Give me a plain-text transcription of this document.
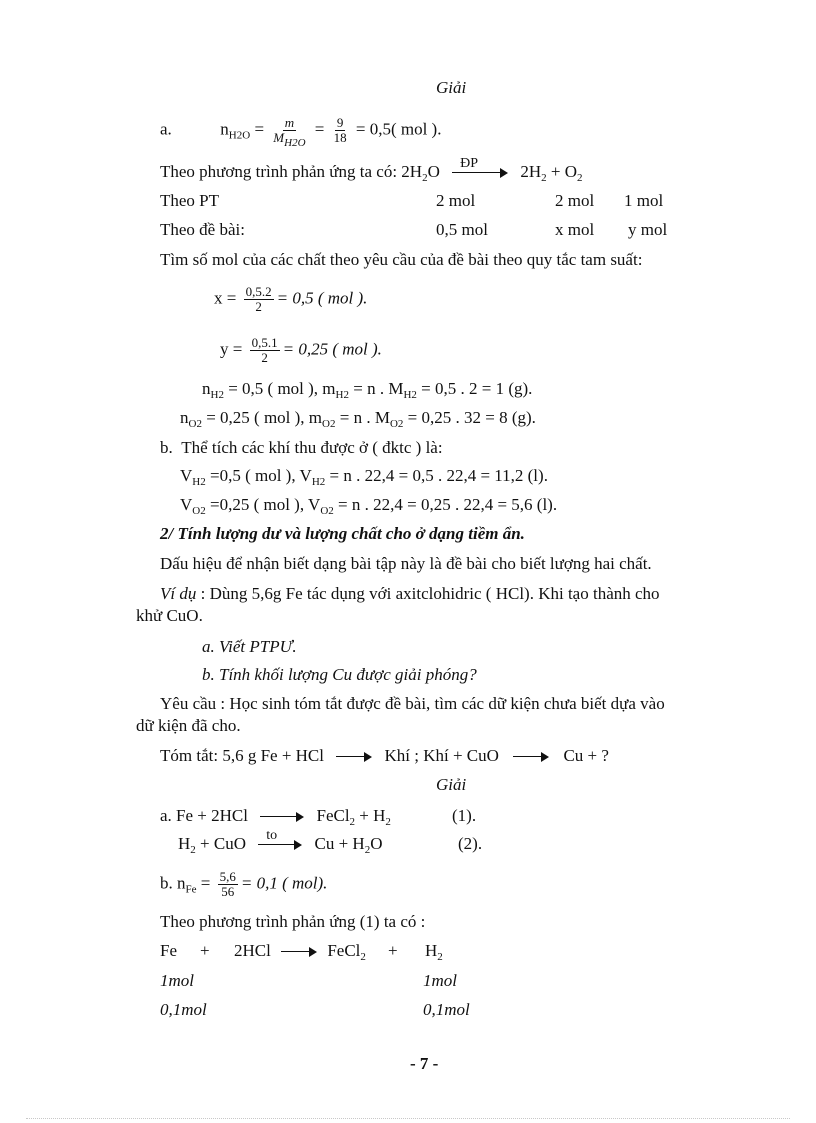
Giải
a.	$n_{H2O} = \frac{m}{M_{H2O}} = \frac{9}{18} = 0,5$( mol ).
Theo phương trình phản ứng ta có: $2H_2O$ ĐP $2H_2 + O_2$
Theo PT	2 mol	2 mol 1 mol
Theo đề bài:	0,5 mol	x mol y mol
Tìm số mol của các chất theo yêu cầu của đề bài theo quy tắc tam suất:
$x = \frac{0,5.2}{2} = 0,5$ ( mol ).
$y = \frac{0,5.1}{2} = 0,25$ ( mol ).
$n_{H2} = 0,5$ ( mol ), $m_{H2} = n$ . $M_{H2} = 0,5$ . 2 = 1 (g).
$n_{O2} = 0,25$ ( mol ), $m_{O2} = n$ . $M_{O2} = 0,25$ . 32 = 8 (g).
b. Thể tích các khí thu được ở ( đktc ) là:
$V_{H2} =0,5$ ( mol ), $V_{H2} = n$ . 22,4 = 0,5 . 22,4 = 11,2 (l).
$V_{O2} =0,25$ ( mol ), $V_{O2} = n$ . 22,4 = 0,25 . 22,4 = 5,6 (l).
2/ Tính lượng dư và lượng chất cho ở dạng tiềm ẩn.
Dấu hiệu để nhận biết dạng bài tập này là đề bài cho biết lượng hai chất.
Ví dụ : Dùng 5,6g Fe tác dụng với axitclohidric ( HCl). Khi tạo thành cho
khử CuO.
a. Viết PTPƯ.
b. Tính khối lượng Cu được giải phóng?
Yêu cầu : Học sinh tóm tắt được đề bài, tìm các dữ kiện chưa biết dựa vào
dữ kiện đã cho.
Tóm tắt: 5,6 g Fe + HCl	Khí ; Khí + CuO	Cu + ?
Giải
a. Fe + 2HCl	FeCl$_2$ + $H_2$	(1).
$H_2$ + CuO to $Cu + H_2O$	(2).
b. $n_{Fe} = \frac{5,6}{56} = 0,1$ ( mol).
Theo phương trình phản ứng (1) ta có :
Fe + 2HCl	FeCl$_2$ + $H_2$
1mol	1mol
0,1mol	0,1mol
- 7 -
